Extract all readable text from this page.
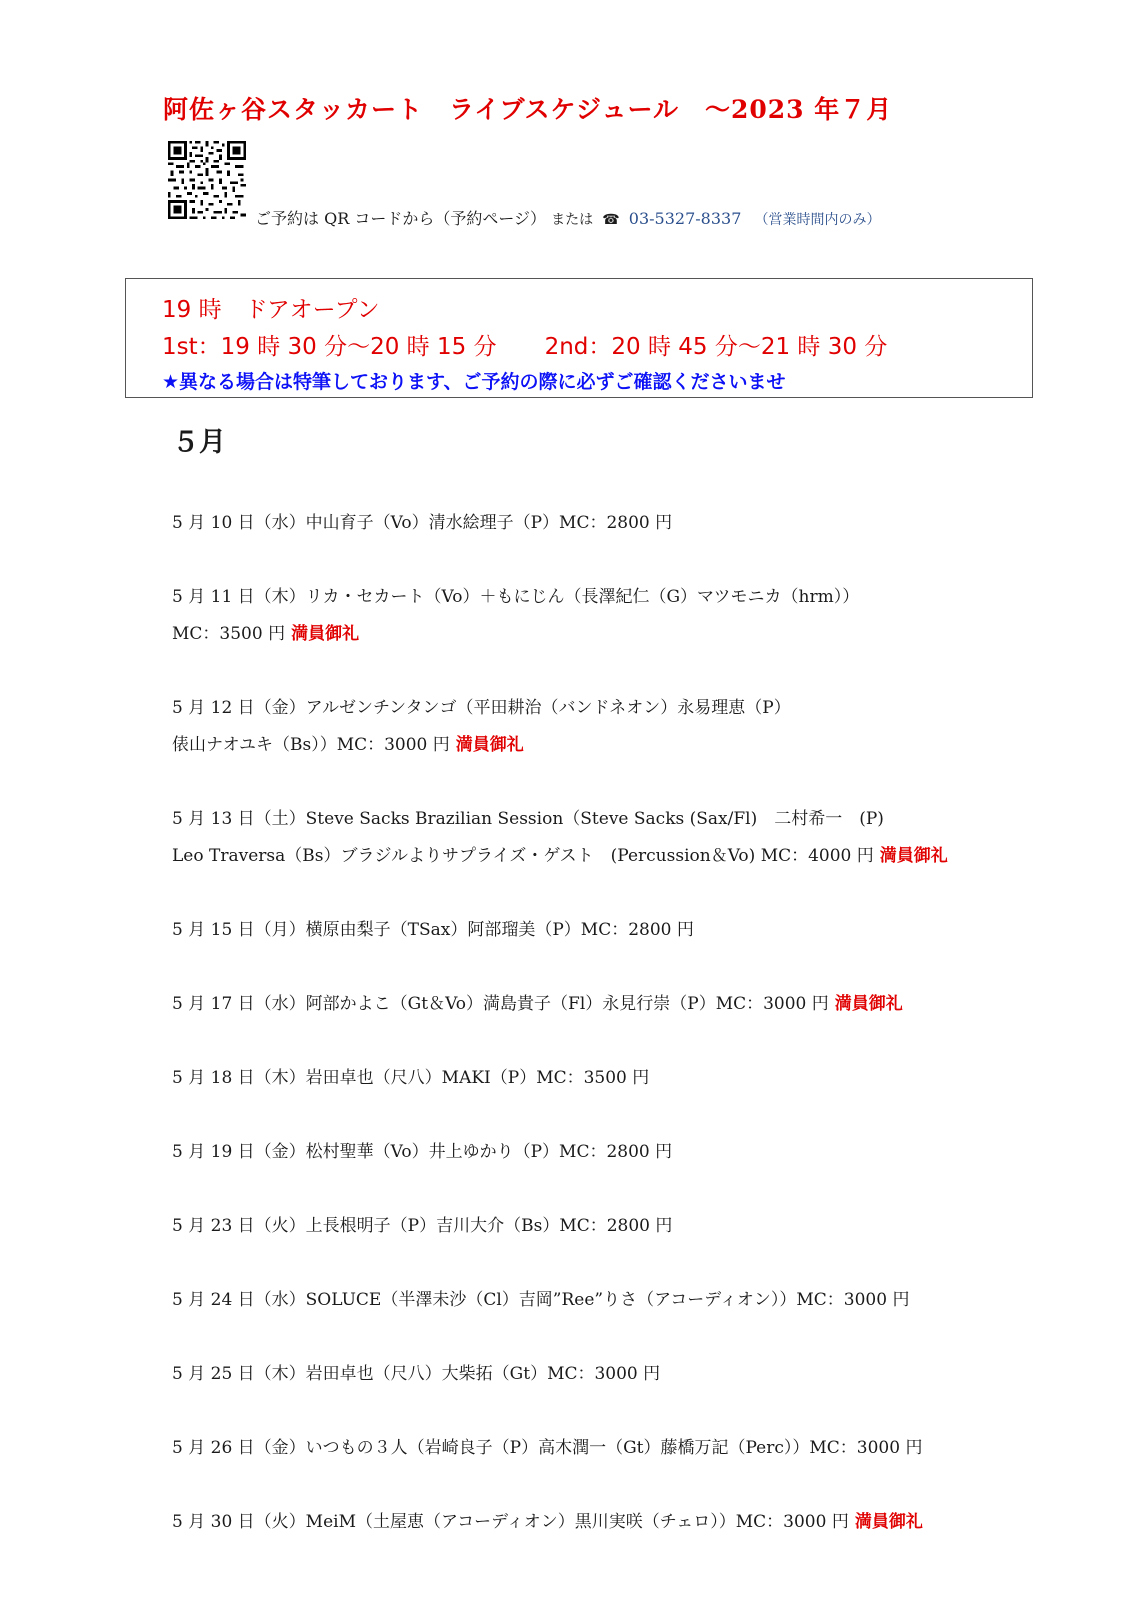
阿佐ヶ谷スタッカート　ライブスケジュール　～2023 年７月
ご予約は QR コードから（予約ページ） または ☎ 03-5327-8337 （営業時間内のみ）
19 時　ドアオープン
1st：19 時 30 分～20 時 15 分 2nd：20 時 45 分～21 時 30 分
★異なる場合は特筆しております、ご予約の際に必ずご確認くださいませ
５月
5 月 10 日（水）中山育子（Vo）清水絵理子（P）MC：2800 円
5 月 11 日（木）リカ・セカート（Vo）＋もにじん（長澤紀仁（G）マツモニカ（hrm））
MC：3500 円 満員御礼
5 月 12 日（金）アルゼンチンタンゴ（平田耕治（バンドネオン）永易理恵（P）
俵山ナオユキ（Bs））MC：3000 円 満員御礼
5 月 13 日（土）Steve Sacks Brazilian Session（Steve Sacks (Sax/Fl)　二村希一　(P)
Leo Traversa（Bs）ブラジルよりサプライズ・ゲスト　(Percussion＆Vo) MC：4000 円 満員御礼
5 月 15 日（月）横原由梨子（TSax）阿部瑠美（P）MC：2800 円
5 月 17 日（水）阿部かよこ（Gt＆Vo）満島貴子（Fl）永見行崇（P）MC：3000 円 満員御礼
5 月 18 日（木）岩田卓也（尺八）MAKI（P）MC：3500 円
5 月 19 日（金）松村聖華（Vo）井上ゆかり（P）MC：2800 円
5 月 23 日（火）上長根明子（P）吉川大介（Bs）MC：2800 円
5 月 24 日（水）SOLUCE（半澤未沙（Cl）吉岡”Ree”りさ（アコーディオン））MC：3000 円
5 月 25 日（木）岩田卓也（尺八）大柴拓（Gt）MC：3000 円
5 月 26 日（金）いつもの３人（岩崎良子（P）高木潤一（Gt）藤橋万記（Perc））MC：3000 円
5 月 30 日（火）MeiM（土屋恵（アコーディオン）黒川実咲（チェロ））MC：3000 円 満員御礼
